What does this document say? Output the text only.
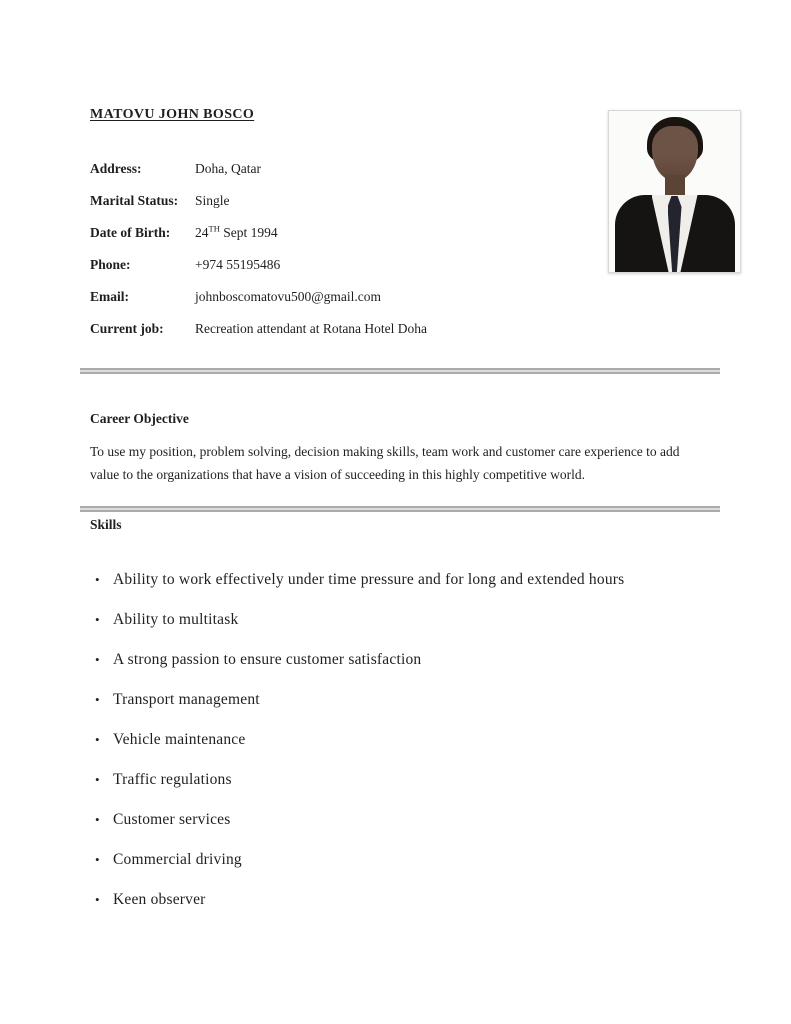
MATOVU JOHN BOSCO
Address:	Doha, Qatar
Marital Status:	Single
Date of Birth:	24TH Sept 1994
Phone:	+974 55195486
Email:	johnboscomatovu500@gmail.com
Current job:	Recreation attendant at Rotana Hotel Doha
Career Objective

To use my position, problem solving, decision making skills, team work and customer care experience to add value to the organizations that have a vision of succeeding in this highly competitive world.

Skills
• Ability to work effectively under time pressure and for long and extended hours
• Ability to multitask
• A strong passion to ensure customer satisfaction
• Transport management
• Vehicle maintenance
• Traffic regulations
• Customer services
• Commercial driving
• Keen observer
